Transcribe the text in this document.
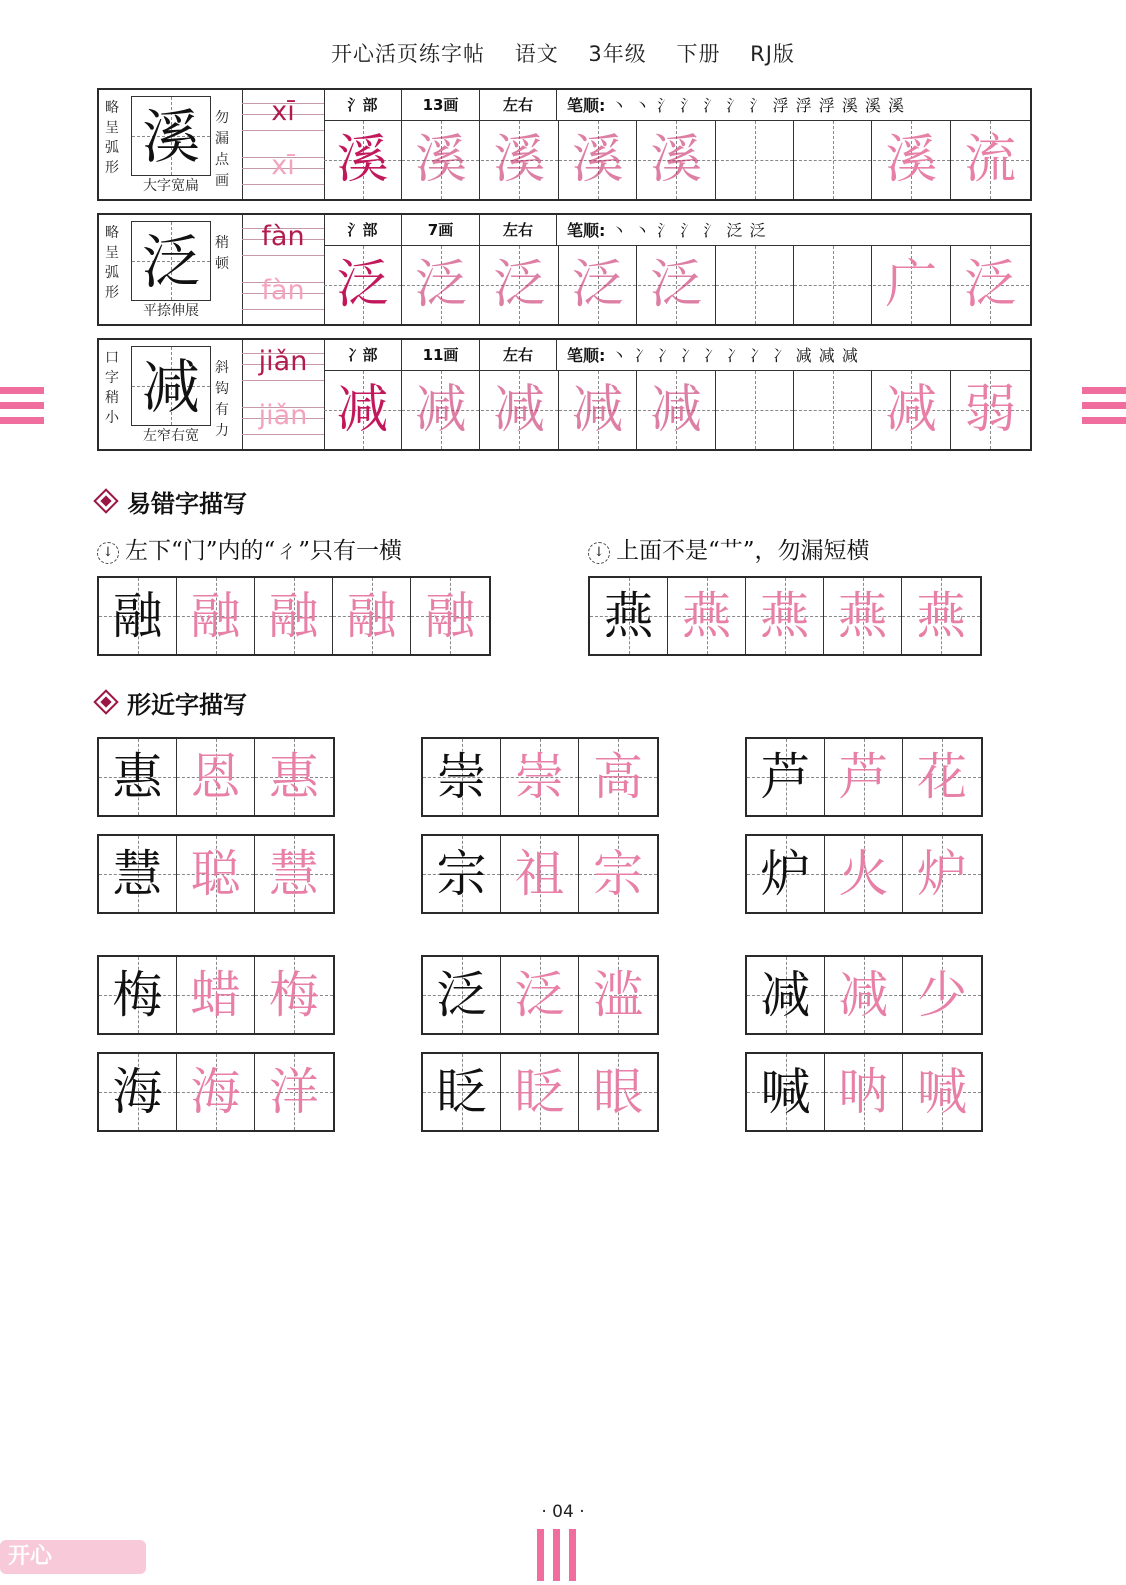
开心活页练字帖 语文 3年级 下册 RJ版
略呈弧形 溪	勿漏点画
大字宽扁
xī
xī
氵部	13画	左右	笔顺: 丶 丶 氵 氵 氵 氵 氵 浮 浮 浮 溪 溪 溪
溪 溪 溪 溪 溪	溪 流
略呈弧形 泛	稍顿
平捺伸展
fàn
fàn
氵部	7画	左右	笔顺: 丶 丶 氵 氵 氵 泛 泛
泛 泛 泛 泛 泛	广 泛
口字稍小 减	斜钩有力
左窄右宽
jiǎn
jiǎn
冫部	11画	左右	笔顺: 丶 冫 冫 冫 冫 冫 冫 冫 减 减 减
减 减 减 减 减	减 弱
易错字描写
↓ 左下“门”内的“ㄔ”只有一横	↓ 上面不是“艹”，勿漏短横
形近字描写
融 融 融 融 融	燕 燕 燕 燕 燕
惠 恩 惠 崇 崇 高 芦 芦 花
慧 聪 慧 宗 祖 宗 炉 火 炉
梅 蜡 梅 泛 泛 滥 减 减 少
海 海 洋 眨 眨 眼 喊 呐 喊
· 04 ·
开心
